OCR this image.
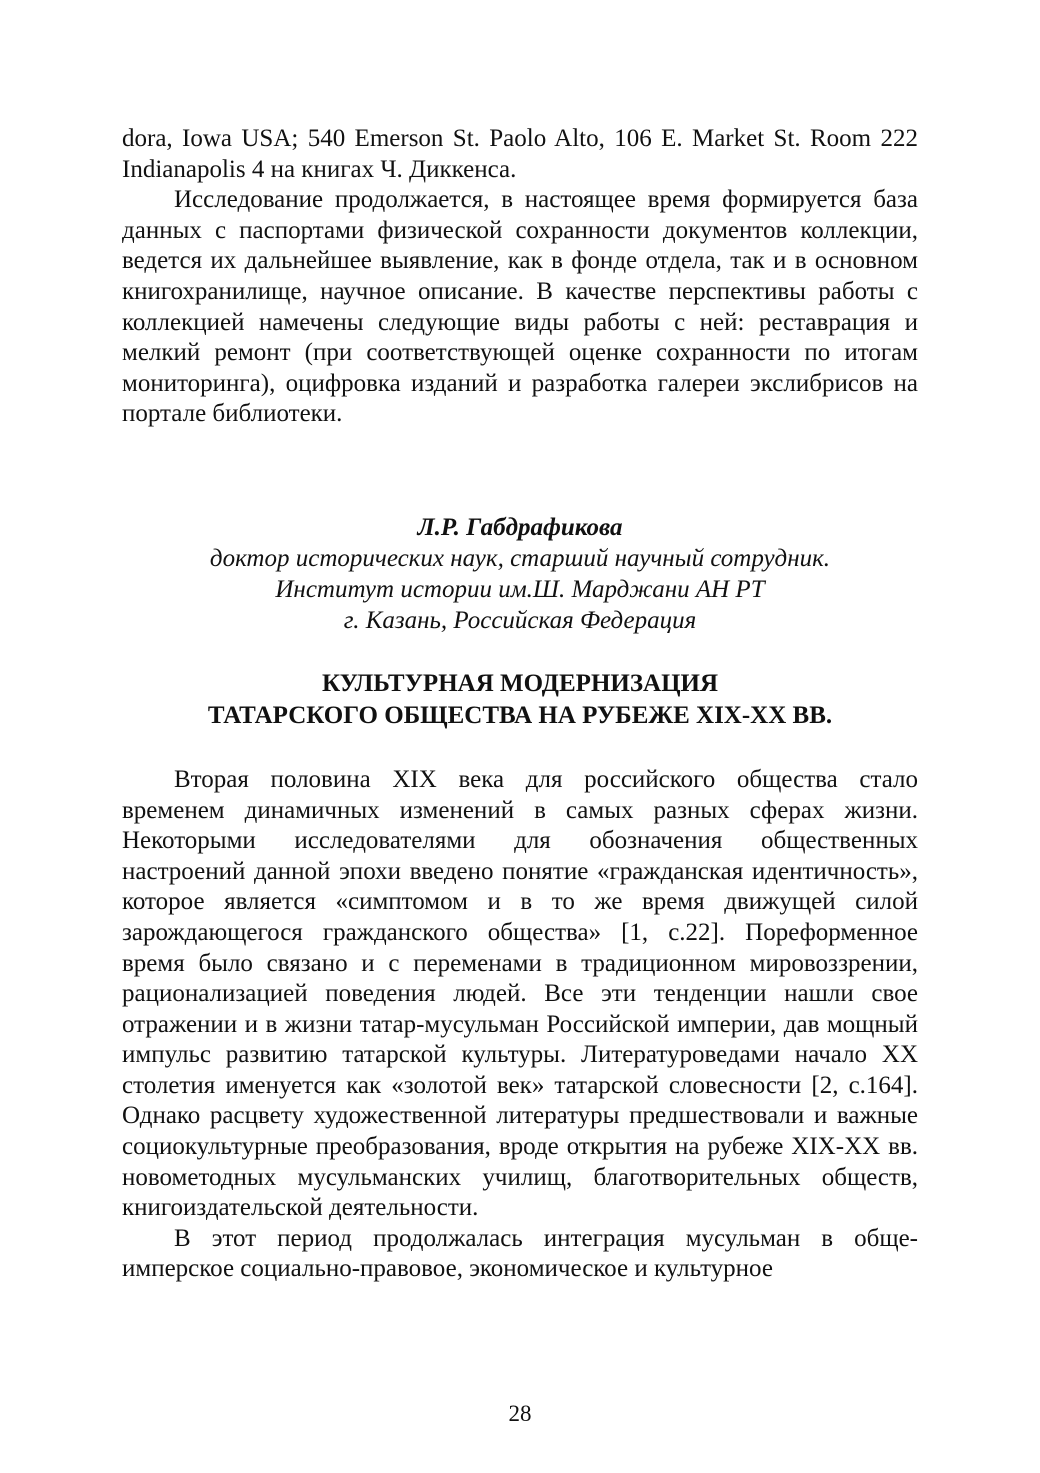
dora, Iowa USA; 540 Emerson St. Paolo Alto, 106 E. Market St. Room 222 Indianapolis 4 на книгах Ч. Диккенса.

Исследование продолжается, в настоящее время формируется база данных с паспортами физической сохранности документов коллекции, ведется их дальнейшее выявление, как в фонде отдела, так и в основном книгохранилище, научное описание. В качестве перспективы работы с коллекцией намечены следующие виды работы с ней: реставрация и мелкий ремонт (при соответствующей оценке сохранности по итогам мониторинга), оцифровка изданий и разработка галереи экслибрисов на портале библиотеки.

Л.Р. Габдрафикова
доктор исторических наук, старший научный сотрудник.
Институт истории им.Ш. Марджани АН РТ
г. Казань, Российская Федерация
КУЛЬТУРНАЯ МОДЕРНИЗАЦИЯ
ТАТАРСКОГО ОБЩЕСТВА НА РУБЕЖЕ XIX-XX ВВ.

Вторая половина XIX века для российского общества стало временем динамичных изменений в самых разных сферах жизни. Некоторыми исследователями для обозначения общественных настроений данной эпохи введено понятие «гражданская идентичность», которое является «симптомом и в то же время движущей силой зарождающегося гражданского общества» [1, с.22]. Пореформенное время было связано и с переменами в традиционном мировоззрении, рационализацией поведения людей. Все эти тенденции нашли свое отражении и в жизни татар-мусульман Российской империи, дав мощный импульс развитию татарской культуры. Литературоведами начало XX столетия именуется как «золотой век» татарской словесности [2, с.164]. Однако расцвету художественной литературы предшествовали и важные социокультурные преобразования, вроде открытия на рубеже XIX-XX вв. новометодных мусульманских училищ, благотворительных обществ, книгоиздательской деятельности.

В этот период продолжалась интеграция мусульман в общеимперское социально-правовое, экономическое и культурное

28
